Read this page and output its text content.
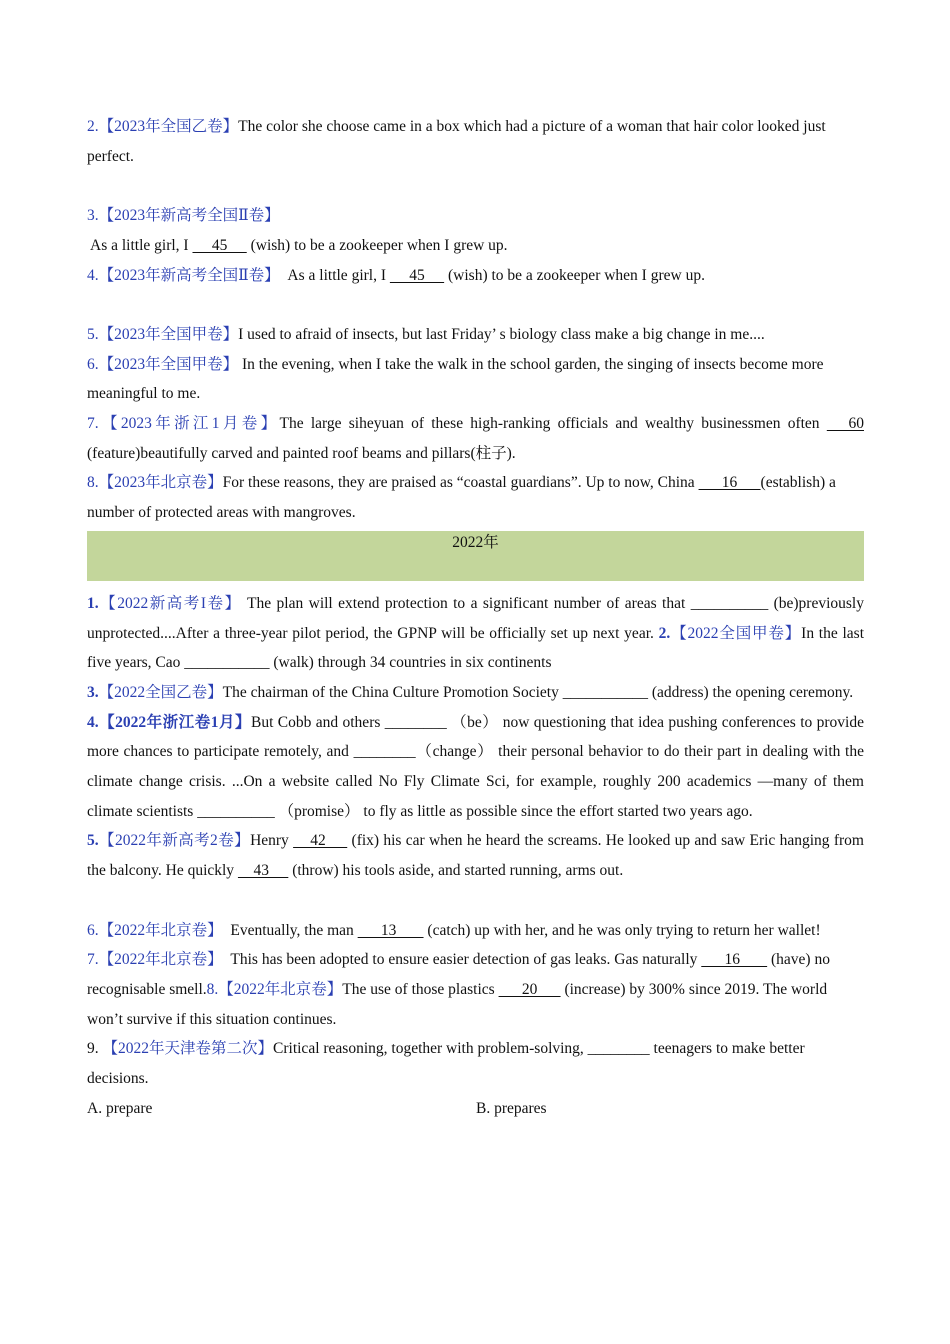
2.【2023年全国乙卷】The color she choose came in a box which had a picture of a woman that hair color looked just perfect.

3.【2023年新高考全国Ⅱ卷】

As a little girl, I      45      (wish) to be a zookeeper when I grew up.

4.【2023年新高考全国Ⅱ卷】  As a little girl, I      45      (wish) to be a zookeeper when I grew up.

5.【2023年全国甲卷】I used to afraid of insects, but last Friday’ s biology class make a big change in me....

6.【2023年全国甲卷】 In the evening, when I take the walk in the school garden, the singing of insects become more meaningful to me.

7.【2023年浙江1月卷】The large siheyuan of these high-ranking officials and wealthy businessmen often    60 (feature)beautifully carved and painted roof beams and pillars(柱子).

8.【2023年北京卷】For these reasons, they are praised as “coastal guardians”. Up to now, China       16      (establish) a number of protected areas with mangroves.

2022年

1.【2022新高考I卷】 The plan will extend protection to a significant number of areas that __________ (be)previously unprotected....After a three-year pilot period, the GPNP will be officially set up next year. 2.【2022全国甲卷】In the last five years, Cao ___________ (walk) through 34 countries in six continents

3.【2022全国乙卷】The chairman of the China Culture Promotion Society ___________ (address) the opening ceremony.

4.【2022年浙江卷1月】But Cobb and others ________ （be） now questioning that idea pushing conferences to provide more chances to participate remotely, and ________（change） their personal behavior to do their part in dealing with the climate change crisis. ...On a website called No Fly Climate Sci, for example, roughly 200 academics —many of them climate scientists __________ （promise） to fly as little as possible since the effort started two years ago.

5.【2022年新高考2卷】Henry     42      (fix) his car when he heard the screams. He looked up and saw Eric hanging from the balcony. He quickly     43      (throw) his tools aside, and started running, arms out.

6.【2022年北京卷】  Eventually, the man       13        (catch) up with her, and he was only trying to return her wallet!

7.【2022年北京卷】  This has been adopted to ensure easier detection of gas leaks. Gas naturally       16        (have) no recognisable smell.8.【2022年北京卷】The use of those plastics       20       (increase) by 300% since 2019. The world won’t survive if this situation continues.

9. 【2022年天津卷第二次】Critical reasoning, together with problem-solving, ________ teenagers to make better decisions.

A. prepare	B. prepares
